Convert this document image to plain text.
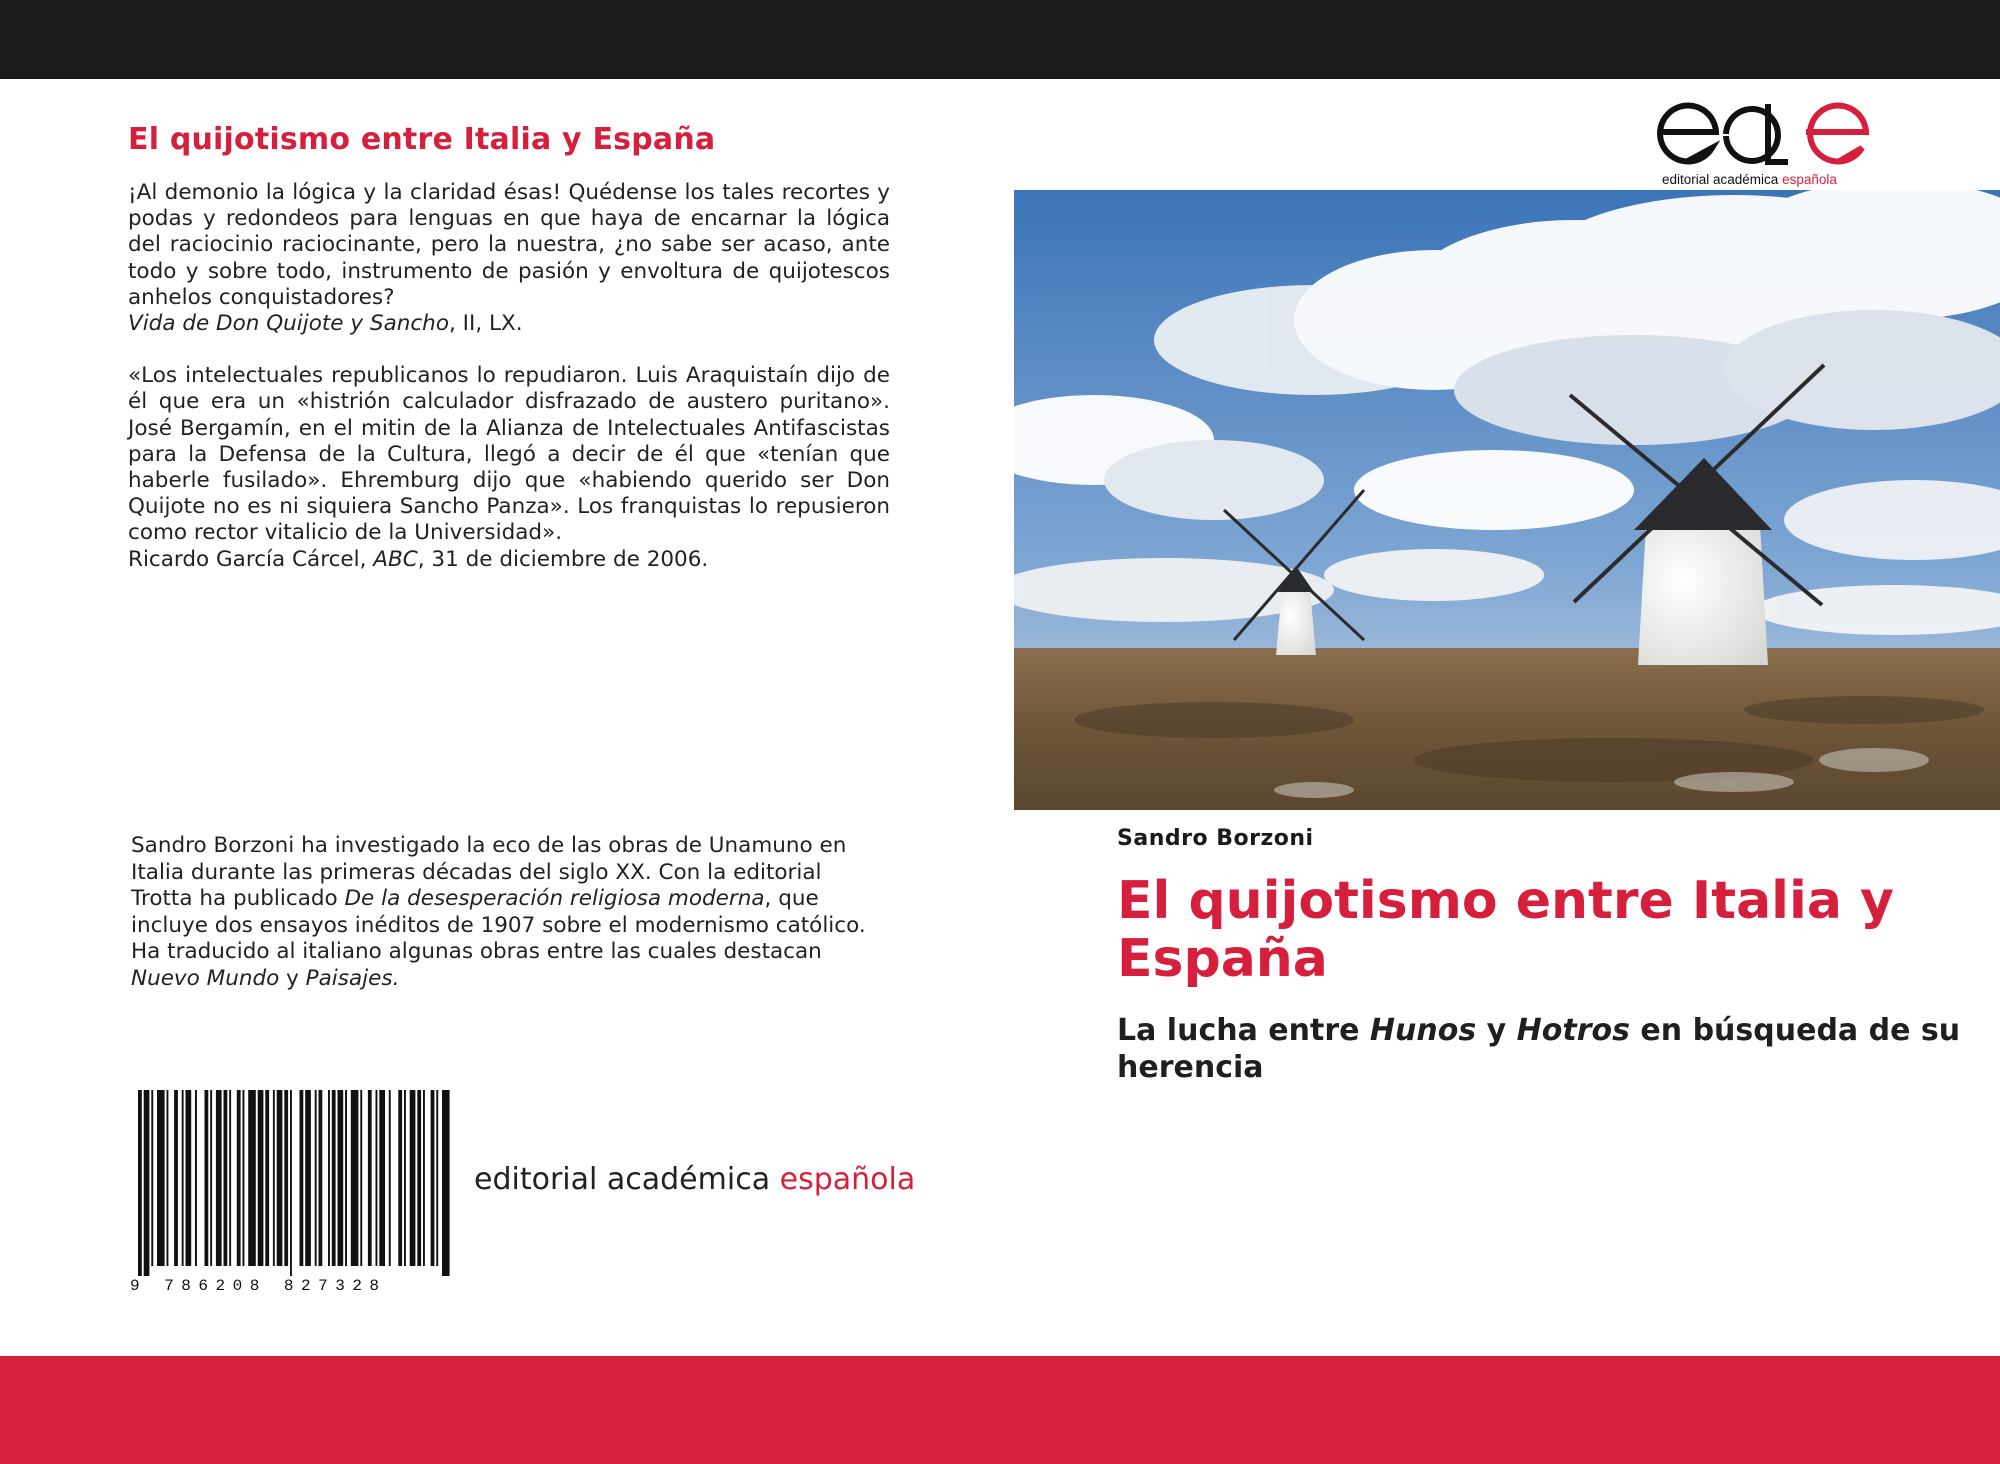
El quijotismo entre Italia y España

¡Al demonio la lógica y la claridad ésas! Quédense los tales recortes y podas y redondeos para lenguas en que haya de encarnar la lógica del raciocinio raciocinante, pero la nuestra, ¿no sabe ser acaso, ante todo y sobre todo, instrumento de pasión y envoltura de quijotescos anhelos conquistadores?

Vida de Don Quijote y Sancho, II, LX.

«Los intelectuales republicanos lo repudiaron. Luis Araquistaín dijo de él que era un «histrión calculador disfrazado de austero puritano». José Bergamín, en el mitin de la Alianza de Intelectuales Antifascistas para la Defensa de la Cultura, llegó a decir de él que «tenían que haberle fusilado». Ehremburg dijo que «habiendo querido ser Don Quijote no es ni siquiera Sancho Panza». Los franquistas lo repusieron como rector vitalicio de la Universidad».

Ricardo García Cárcel, ABC, 31 de diciembre de 2006.

Sandro Borzoni ha investigado la eco de las obras de Unamuno en Italia durante las primeras décadas del siglo XX. Con la editorial Trotta ha publicado De la desesperación religiosa moderna, que incluye dos ensayos inéditos de 1907 sobre el modernismo católico. Ha traducido al italiano algunas obras entre las cuales destacan Nuevo Mundo y Paisajes.
9 786208 827328
editorial académica española
editorial académica española
Sandro Borzoni
El quijotismo entre Italia y España
La lucha entre Hunos y Hotros en búsqueda de su herencia
